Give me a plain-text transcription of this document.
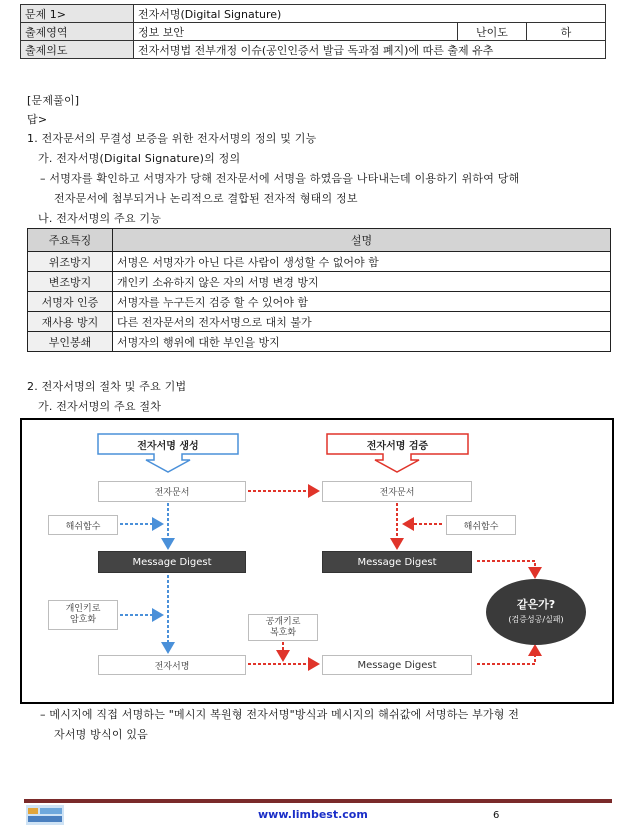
문제 1>	전자서명(Digital Signature)		
출제영역	정보 보안	난이도	하
출제의도	전자서명법 전부개정 이슈(공인인증서 발급 독과점 폐지)에 따른 출제 유추		
[문제풀이]
답>
1. 전자문서의 무결성 보증을 위한 전자서명의 정의 및 기능
가. 전자서명(Digital Signature)의 정의
– 서명자를 확인하고 서명자가 당해 전자문서에 서명을 하였음을 나타내는데 이용하기 위하여 당해
전자문서에 첨부되거나 논리적으로 결합된 전자적 형태의 정보
나. 전자서명의 주요 기능
주요특징	설명
위조방지	서명은 서명자가 아닌 다른 사람이 생성할 수 없어야 함
변조방지	개인키 소유하지 않은 자의 서명 변경 방지
서명자 인증	서명자를 누구든지 검증 할 수 있어야 함
재사용 방지	다른 전자문서의 전자서명으로 대치 불가
부인봉쇄	서명자의 행위에 대한 부인을 방지
2. 전자서명의 절차 및 주요 기법
가. 전자서명의 주요 절차
전자서명 생성	전자서명 검증
전자문서	전자문서
해쉬함수	해쉬함수
Message Digest	Message Digest
개인키로
암호화	공개키로
복호화
전자서명	Message Digest
같은가?
(검증성공/실패)
– 메시지에 직접 서명하는 "메시지 복원형 전자서명"방식과 메시지의 해쉬값에 서명하는 부가형 전
자서명 방식이 있음
www.limbest.com	6
